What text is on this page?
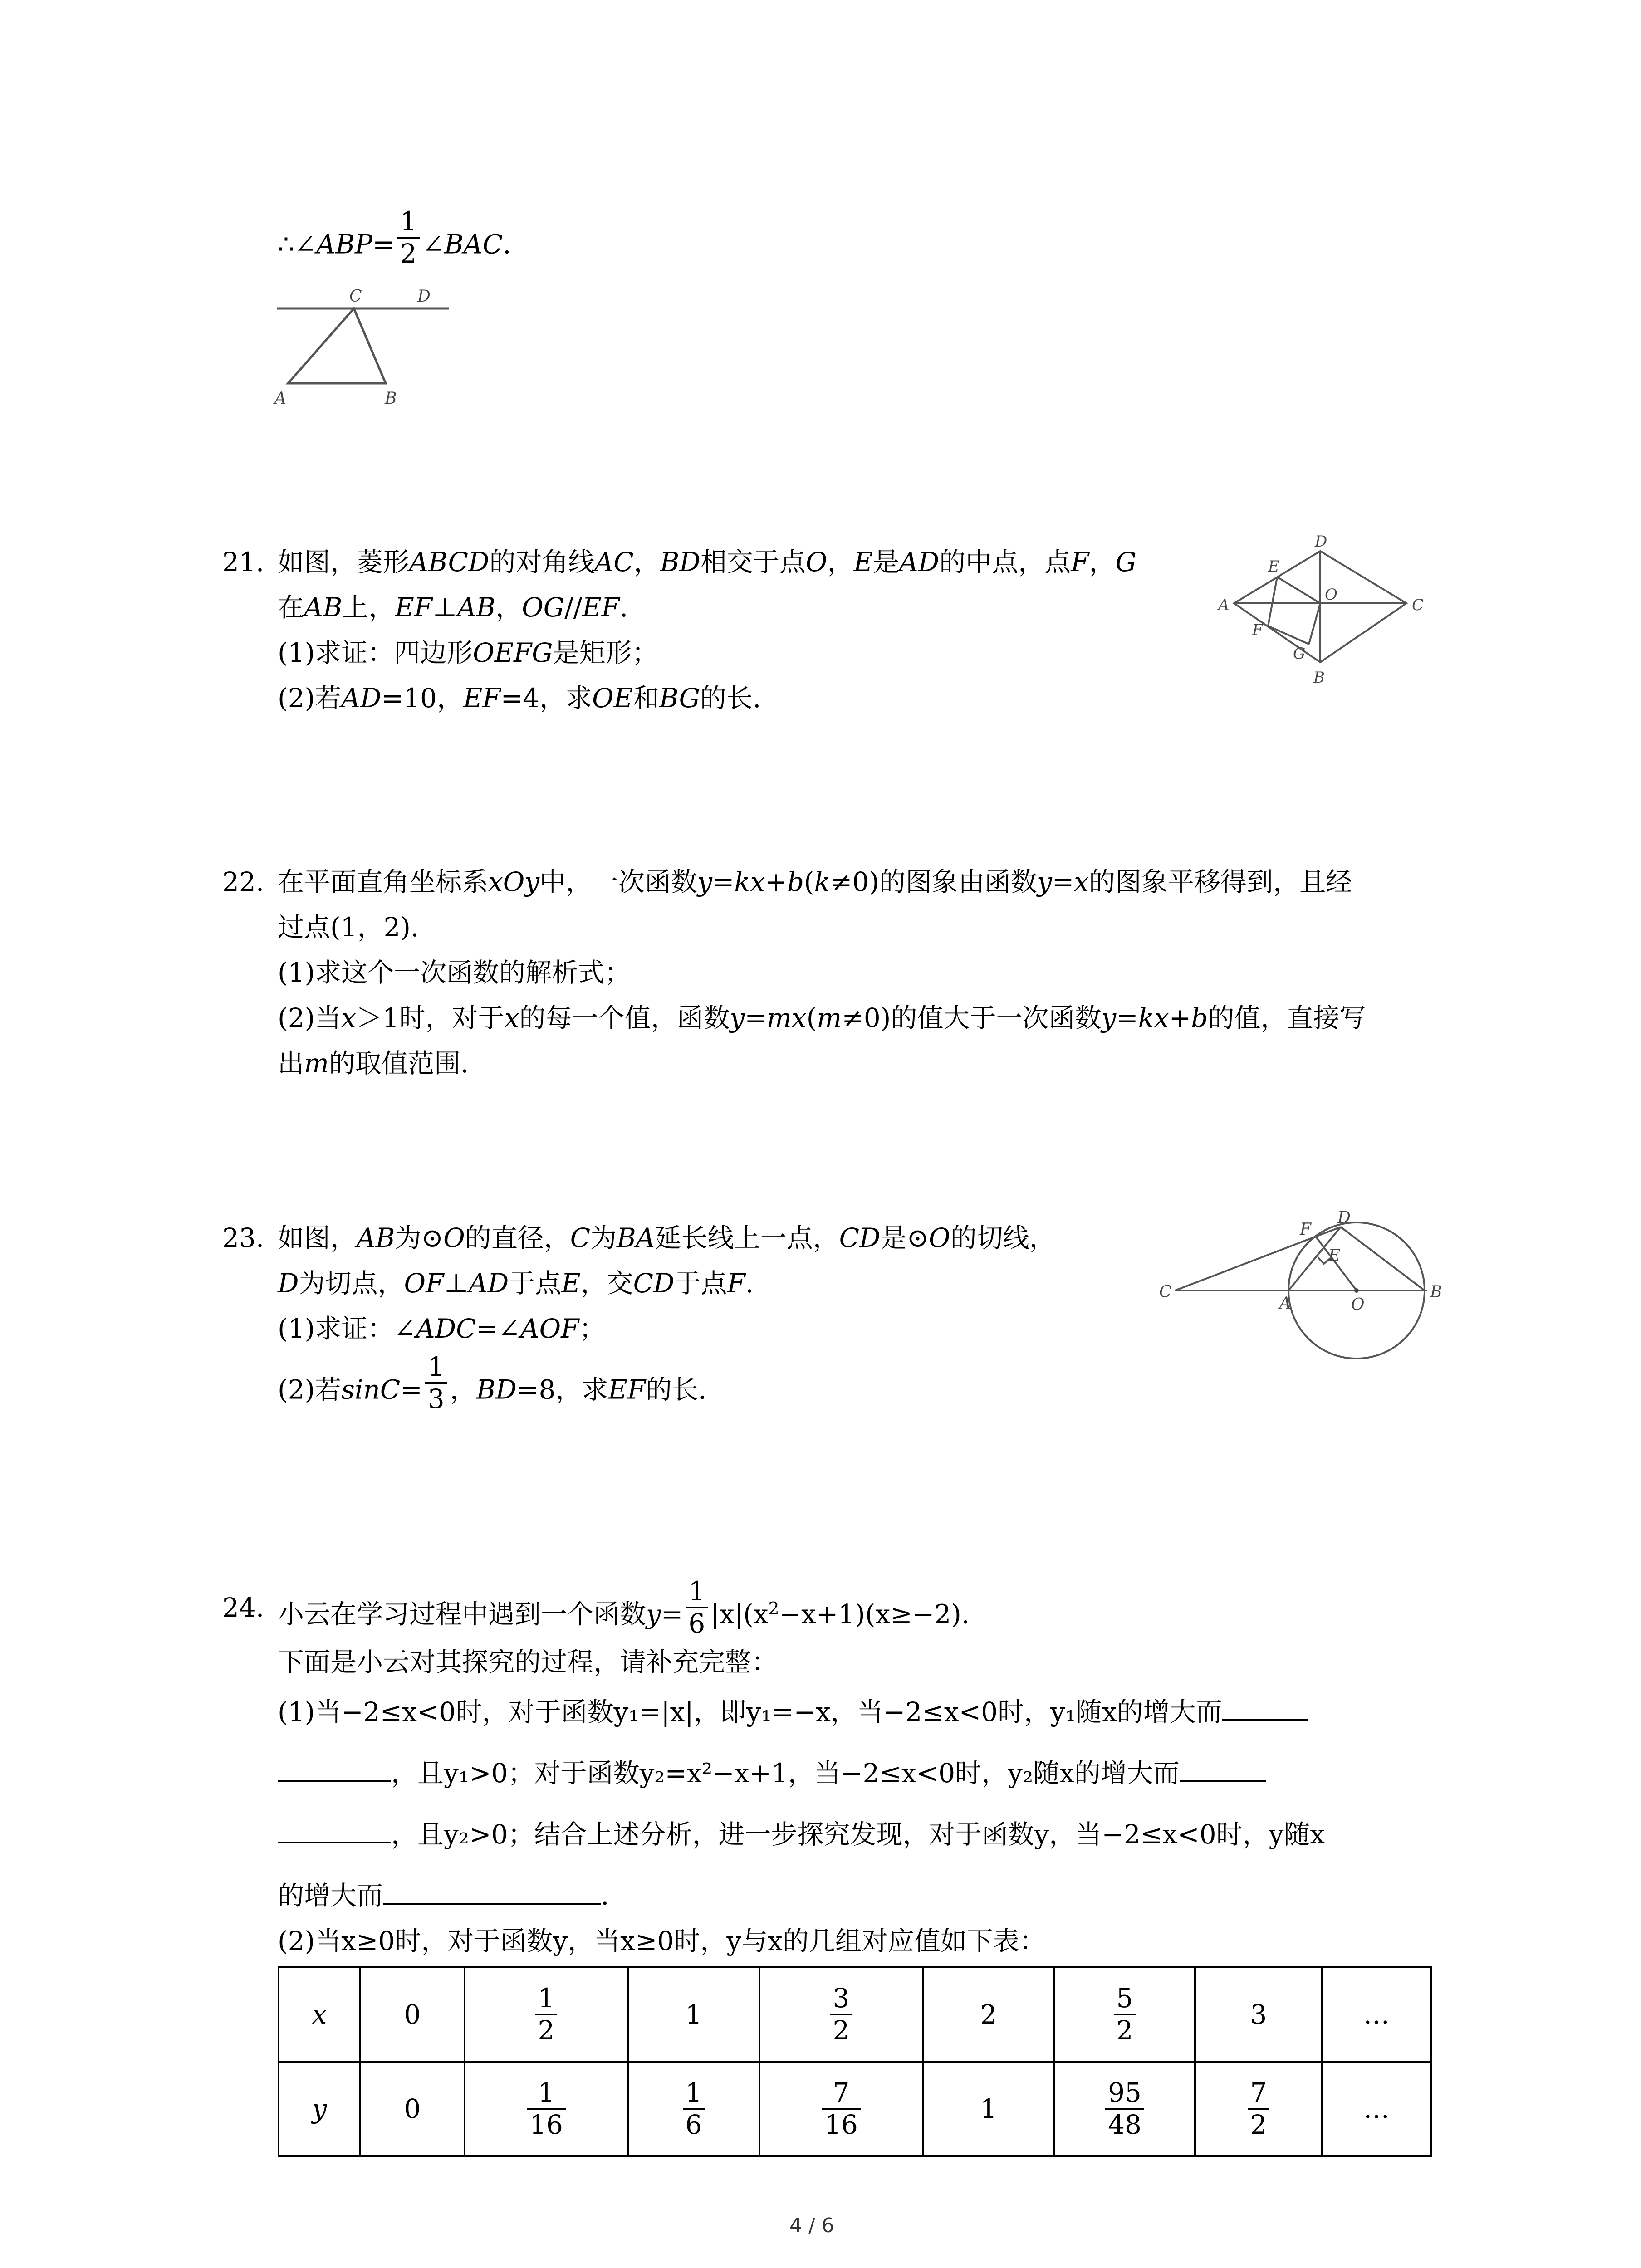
∴∠ABP= $\frac{1}{2}$ ∠BAC.
C	D
A	B
21. 如图，菱形ABCD的对角线AC，BD相交于点O，E是AD的中点，点F，G
在AB上，EF⊥AB，OG//EF.
(1)求证：四边形OEFG是矩形；
(2)若AD=10，EF=4，求OE和BG的长.
A
B
C
D
E
F
G
O
22. 在平面直角坐标系xOy中，一次函数y=kx+b(k≠0)的图象由函数y=x的图象平移得到，且经
过点(1，2).
(1)求这个一次函数的解析式；
(2)当x＞1时，对于x的每一个值，函数y=mx(m≠0)的值大于一次函数y=kx+b的值，直接写
出m的取值范围.
23. 如图，AB为⊙O的直径，C为BA延长线上一点，CD是⊙O的切线，
D为切点，OF⊥AD于点E，交CD于点F.
(1)求证：∠ADC=∠AOF；
(2)若$\sin C= \frac{1}{3}$ ，BD=8，求EF的长.
C
A	O
B
D
F
E
24. 小云在学习过程中遇到一个函数$y= \frac{1}{6} |x|(x^2-x+1)(x\ge-2)$.
下面是小云对其探究的过程，请补充完整：
(1)当−2≤x<0时，对于函数y₁=|x|，即y₁=−x，当−2≤x<0时，y₁随x的增大而
，且y₁>0；对于函数y₂=x²−x+1，当−2≤x<0时，y₂随x的增大而
，且y₂>0；结合上述分析，进一步探究发现，对于函数y，当−2≤x<0时，y随x
的增大而	.
(2)当x≥0时，对于函数y，当x≥0时，y与x的几组对应值如下表：
x	0	$\frac{1}{2}$	1	$\frac{3}{2}$	2	$\frac{5}{2}$	3	…
y	0	$\frac{1}{16}$	$\frac{1}{6}$	$\frac{7}{16}$	1	$\frac{95}{48}$	$\frac{7}{2}$	…
4 / 6
